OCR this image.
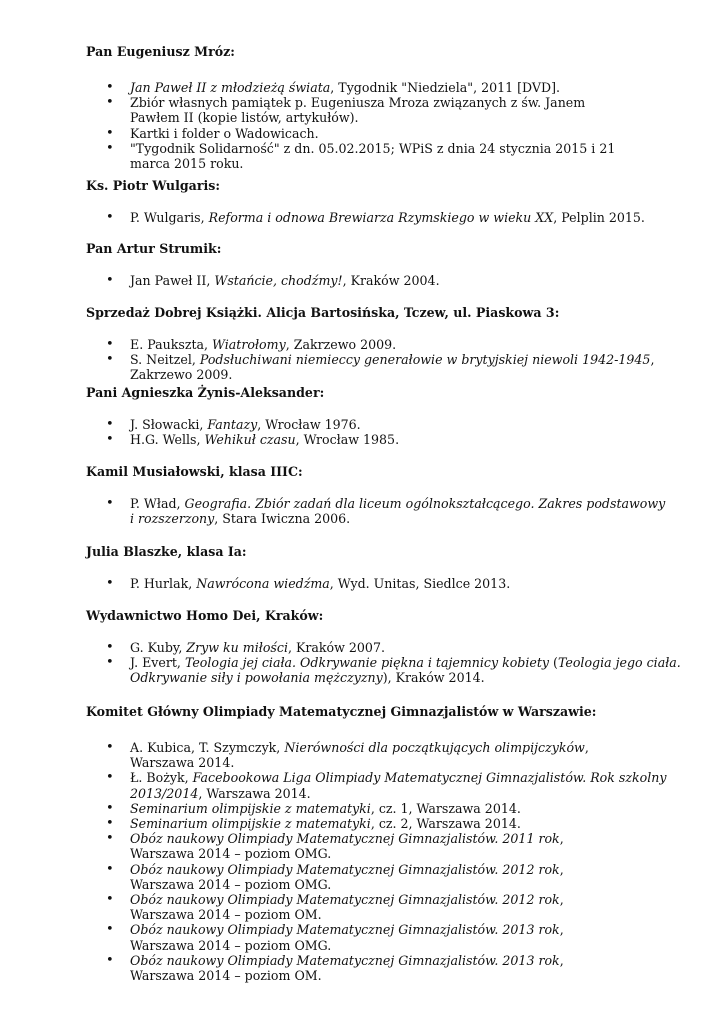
Pan Eugeniusz Mróz:

• Jan Paweł II z młodzieżą świata, Tygodnik "Niedziela", 2011 [DVD].
• Zbiór własnych pamiątek p. Eugeniusza Mroza związanych z św. Janem Pawłem II (kopie listów, artykułów).
• Kartki i folder o Wadowicach.
• "Tygodnik Solidarność" z dn. 05.02.2015; WPiS z dnia 24 stycznia 2015 i 21 marca 2015 roku.

Ks. Piotr Wulgaris:

• P. Wulgaris, Reforma i odnowa Brewiarza Rzymskiego w wieku XX, Pelplin 2015.

Pan Artur Strumik:

• Jan Paweł II, Wstańcie, chodźmy!, Kraków 2004.

Sprzedaż Dobrej Książki. Alicja Bartosińska, Tczew, ul. Piaskowa 3:

• E. Pauksztа, Wiatrołomy, Zakrzewo 2009.
• S. Neitzel, Podsłuchiwani niemieccy generałowie w brytyjskiej niewoli 1942-1945, Zakrzewo 2009.

Pani Agnieszka Żynis-Aleksander:

• J. Słowacki, Fantazy, Wrocław 1976.
• H.G. Wells, Wehikuł czasu, Wrocław 1985.

Kamil Musiałowski, klasa IIIC:

• P. Wład, Geografia. Zbiór zadań dla liceum ogólnokształcącego. Zakres podstawowy i rozszerzony, Stara Iwiczna 2006.

Julia Blaszke, klasa Ia:

• P. Hurlak, Nawrócona wiedźma, Wyd. Unitas, Siedlce 2013.

Wydawnictwo Homo Dei, Kraków:

• G. Kuby, Zryw ku miłości, Kraków 2007.
• J. Evert, Teologia jej ciała. Odkrywanie piękna i tajemnicy kobiety (Teologia jego ciała. Odkrywanie siły i powołania mężczyzny), Kraków 2014.

Komitet Główny Olimpiady Matematycznej Gimnazjalistów w Warszawie:

• A. Kubica, T. Szymczyk, Nierówności dla początkujących olimpijczyków, Warszawa 2014.
• Ł. Bożyk, Facebookowa Liga Olimpiady Matematycznej Gimnazjalistów. Rok szkolny 2013/2014, Warszawa 2014.
• Seminarium olimpijskie z matematyki, cz. 1, Warszawa 2014.
• Seminarium olimpijskie z matematyki, cz. 2, Warszawa 2014.
• Obóz naukowy Olimpiady Matematycznej Gimnazjalistów. 2011 rok, Warszawa 2014 – poziom OMG.
• Obóz naukowy Olimpiady Matematycznej Gimnazjalistów. 2012 rok, Warszawa 2014 – poziom OMG.
• Obóz naukowy Olimpiady Matematycznej Gimnazjalistów. 2012 rok, Warszawa 2014 – poziom OM.
• Obóz naukowy Olimpiady Matematycznej Gimnazjalistów. 2013 rok, Warszawa 2014 – poziom OMG.
• Obóz naukowy Olimpiady Matematycznej Gimnazjalistów. 2013 rok, Warszawa 2014 – poziom OM.
